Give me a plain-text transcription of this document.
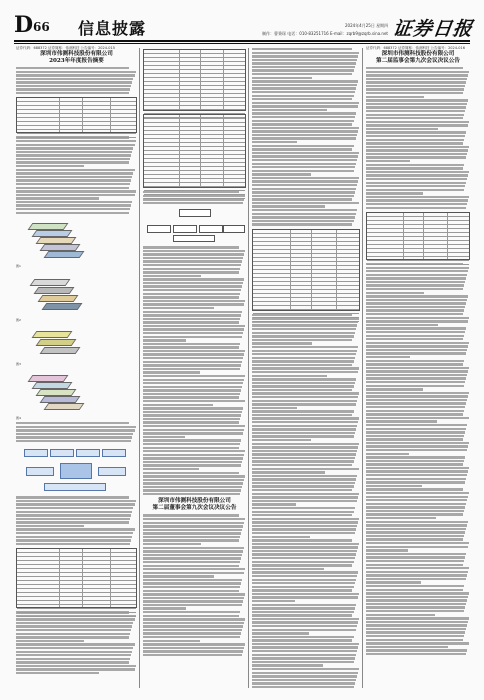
D 66 信息披露	2024年4月25日 星期四
制作：曹秉琛 电话：010-83251716 E-mail：zqrb9@zqrb.sina.net 证券日报
证券代码：688372 证券简称：伟测科技 公告编号：2024-015
深圳市伟测科技股份有限公司
2023年年度报告摘要
图1
图2
图3
图4
深圳市伟测科技股份有限公司
第二届董事会第九次会议决议公告
证券代码：688372 证券简称：伟测科技 公告编号：2024-016
深圳市伟测科技股份有限公司
第二届监事会第九次会议决议公告
